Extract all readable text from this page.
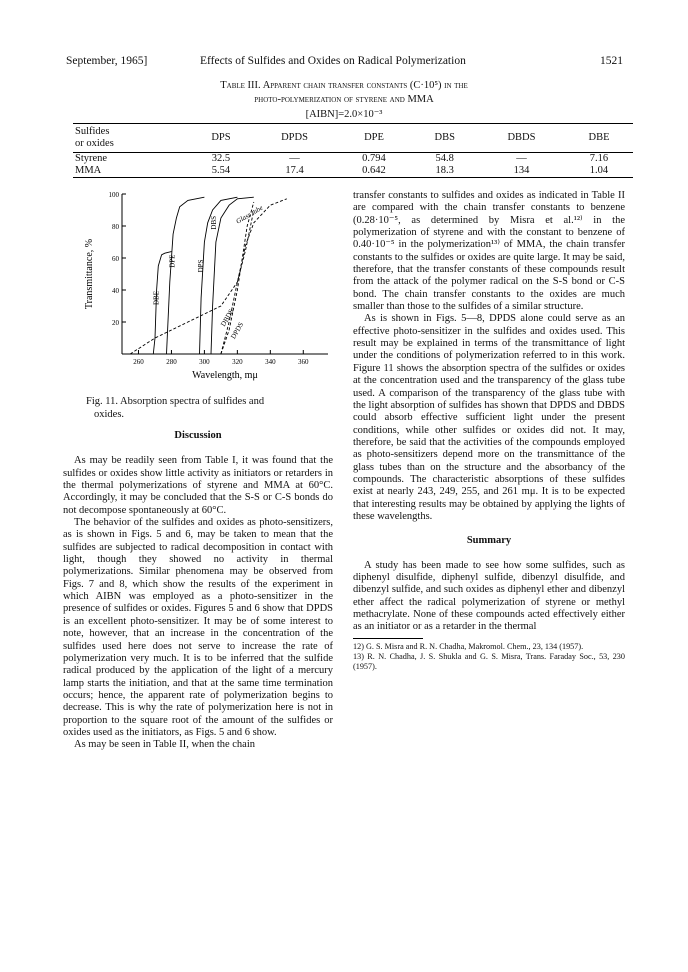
September, 1965]	Effects of Sulfides and Oxides on Radical Polymerization	1521
Table III. Apparent chain transfer constants (C·10⁵) in the
photo-polymerization of styrene and MMA
[AIBN]=2.0×10⁻³
Sulfides
or oxides	DPS	DPDS	DPE	DBS	DBDS	DBE
Styrene	32.5	—	0.794	54.8	—	7.16
MMA	5.54	17.4	0.642	18.3	134	1.04
20
40
60
80
100
260	280	300	320	340	360
Transmittance, %
Wavelength, mμ
DBE
DPE	DPS
DBS Glass tube
DBDS
DPDS
Fig. 11. Absorption spectra of sulfides and
oxides.
Discussion

As may be readily seen from Table I, it was found that the sulfides or oxides show little activity as initiators or retarders in the thermal polymerizations of styrene and MMA at 60°C. Accordingly, it may be concluded that the S-S or C-S bonds do not decompose spontaneously at 60°C.

The behavior of the sulfides and oxides as photo-sensitizers, as is shown in Figs. 5 and 6, may be taken to mean that the sulfides are subjected to radical decomposition in contact with light, though they showed no activity in thermal polymerizations. Similar phenomena may be observed from Figs. 7 and 8, which show the results of the experiment in which AIBN was employed as a photo-sensitizer in the presence of sulfides or oxides. Figures 5 and 6 show that DPDS is an excellent photo-sensitizer. It may be of some interest to note, however, that an increase in the concentration of the sulfides used here does not serve to increase the rate of polymerization very much. It is to be inferred that the sulfide radical produced by the application of the light of a mercury lamp starts the initiation, and that at the same time termination occurs; hence, the apparent rate of polymerization begins to decrease. This is why the rate of polymerization here is not in proportion to the square root of the amount of the sulfides or oxides used as the initiators, as Figs. 5 and 6 show.

As may be seen in Table II, when the chain

transfer constants to sulfides and oxides as indicated in Table II are compared with the chain transfer constants to benzene (0.28·10⁻⁵, as determined by Misra et al.¹²⁾ in the polymerization of styrene and with the constant to benzene of 0.40·10⁻⁵ in the polymerization¹³⁾ of MMA, the chain transfer constants to the sulfides or oxides are quite large. It may be said, therefore, that the transfer constants of these compounds result from the attack of the polymer radical on the S-S bond or C-S bond. The chain transfer constants to the oxides are much smaller than those to the sulfides of a similar structure.

As is shown in Figs. 5—8, DPDS alone could serve as an effective photo-sensitizer in the sulfides and oxides used. This result may be explained in terms of the transmittance of light under the conditions of polymerization referred to in this work. Figure 11 shows the absorption spectra of the sulfides or oxides at the concentration used and the transparency of the glass tube used. A comparison of the transparency of the glass tube with the light absorption of sulfides has shown that DPDS and DBDS could absorb effective sufficient light under the present conditions, while other sulfides or oxides did not. It may, therefore, be said that the activities of the compounds employed as photo-sensitizers depend more on the transmittance of the glass tubes than on the structure and the absorbancy of the compounds. The characteristic absorptions of these sulfides exist at nearly 243, 249, 255, and 261 mμ. It is to be expected that interesting results may be obtained by applying the lights of these wavelengths.

Summary

A study has been made to see how some sulfides, such as diphenyl disulfide, diphenyl sulfide, dibenzyl disulfide, and dibenzyl sulfide, and such oxides as diphenyl ether and dibenzyl ether affect the radical polymerization of styrene or methyl methacrylate. None of these compounds acted effectively either as an initiator or as a retarder in the thermal

12) G. S. Misra and R. N. Chadha, Makromol. Chem., 23, 134 (1957).
13) R. N. Chadha, J. S. Shukla and G. S. Misra, Trans. Faraday Soc., 53, 230 (1957).
